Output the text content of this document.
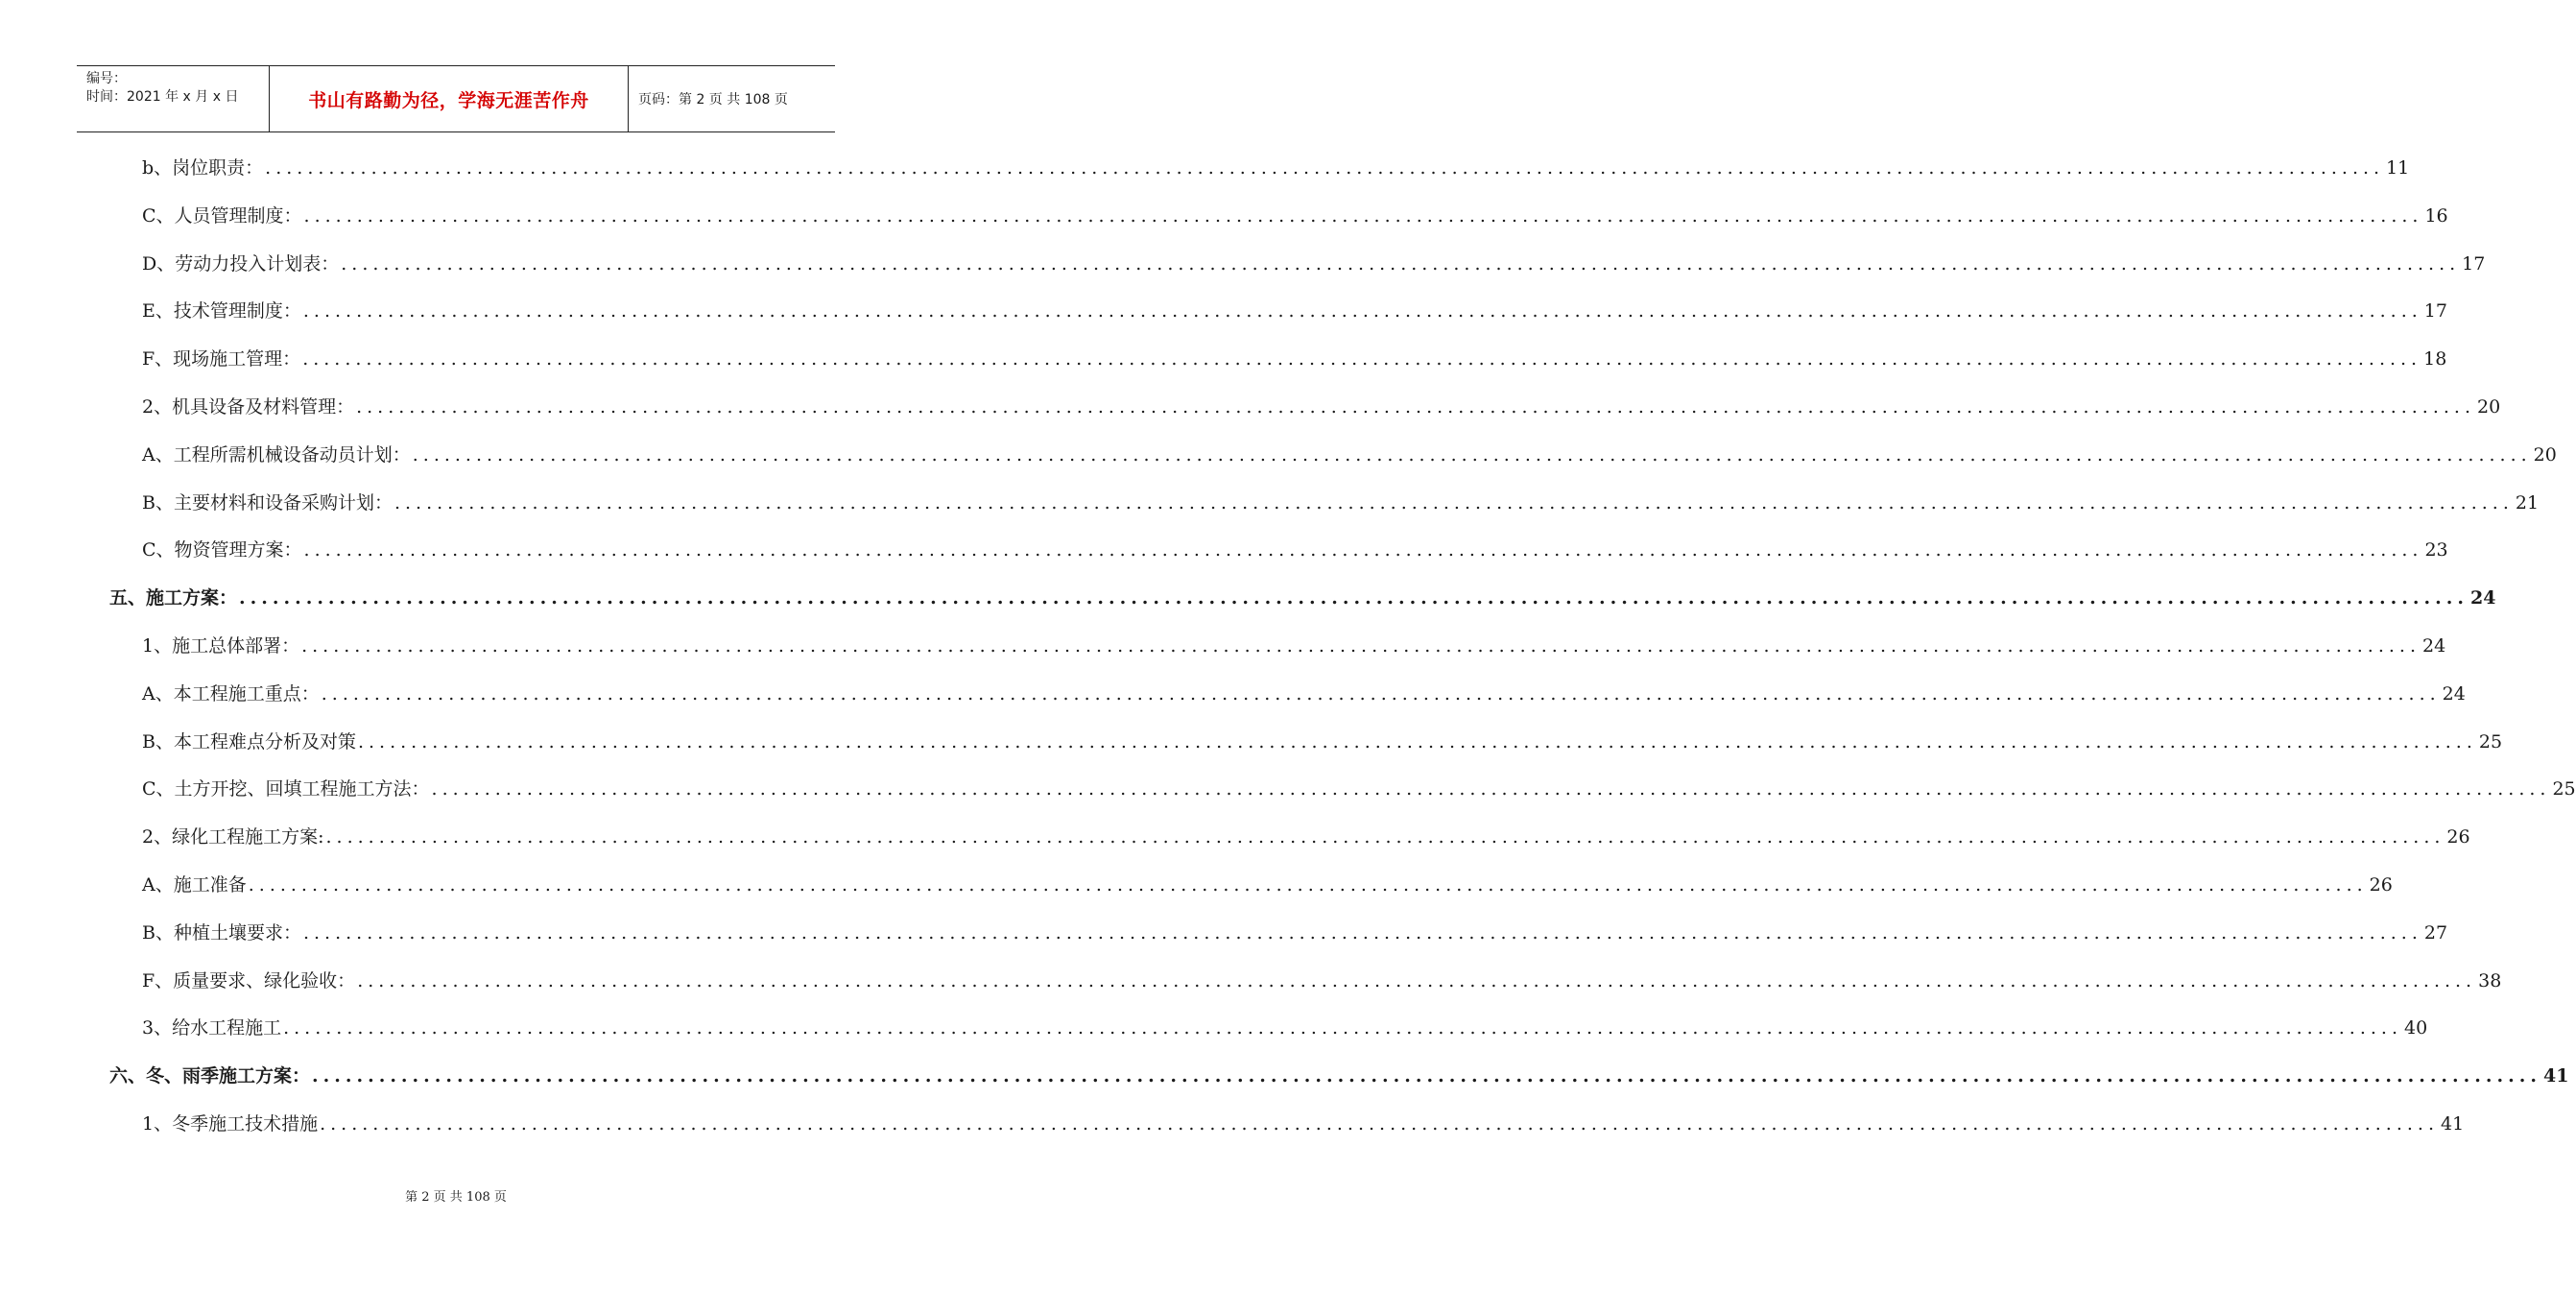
编号：
时间：2021 年 x 月 x 日	书山有路勤为径，学海无涯苦作舟	页码：第 2 页 共 108 页
b、岗位职责： ........................................................................................................................................................................................................ 11
C、人员管理制度： ........................................................................................................................................................................................................ 16
D、劳动力投入计划表： ........................................................................................................................................................................................................ 17
E、技术管理制度： ........................................................................................................................................................................................................ 17
F、现场施工管理： ........................................................................................................................................................................................................ 18
2、机具设备及材料管理： ........................................................................................................................................................................................................ 20
A、工程所需机械设备动员计划： ........................................................................................................................................................................................................ 20
B、主要材料和设备采购计划： ........................................................................................................................................................................................................ 21
C、物资管理方案： ........................................................................................................................................................................................................ 23
五、施工方案： ........................................................................................................................................................................................................ 24
1、施工总体部署： ........................................................................................................................................................................................................ 24
A、本工程施工重点： ........................................................................................................................................................................................................ 24
B、本工程难点分析及对策 ........................................................................................................................................................................................................ 25
C、土方开挖、回填工程施工方法： ........................................................................................................................................................................................................ 25
2、绿化工程施工方案: ........................................................................................................................................................................................................ 26
A、施工准备 ........................................................................................................................................................................................................ 26
B、种植土壤要求： ........................................................................................................................................................................................................ 27
F、质量要求、绿化验收： ........................................................................................................................................................................................................ 38
3、给水工程施工 ........................................................................................................................................................................................................ 40
六、冬、雨季施工方案： ........................................................................................................................................................................................................ 41
1、冬季施工技术措施 ........................................................................................................................................................................................................ 41
第 2 页 共 108 页
